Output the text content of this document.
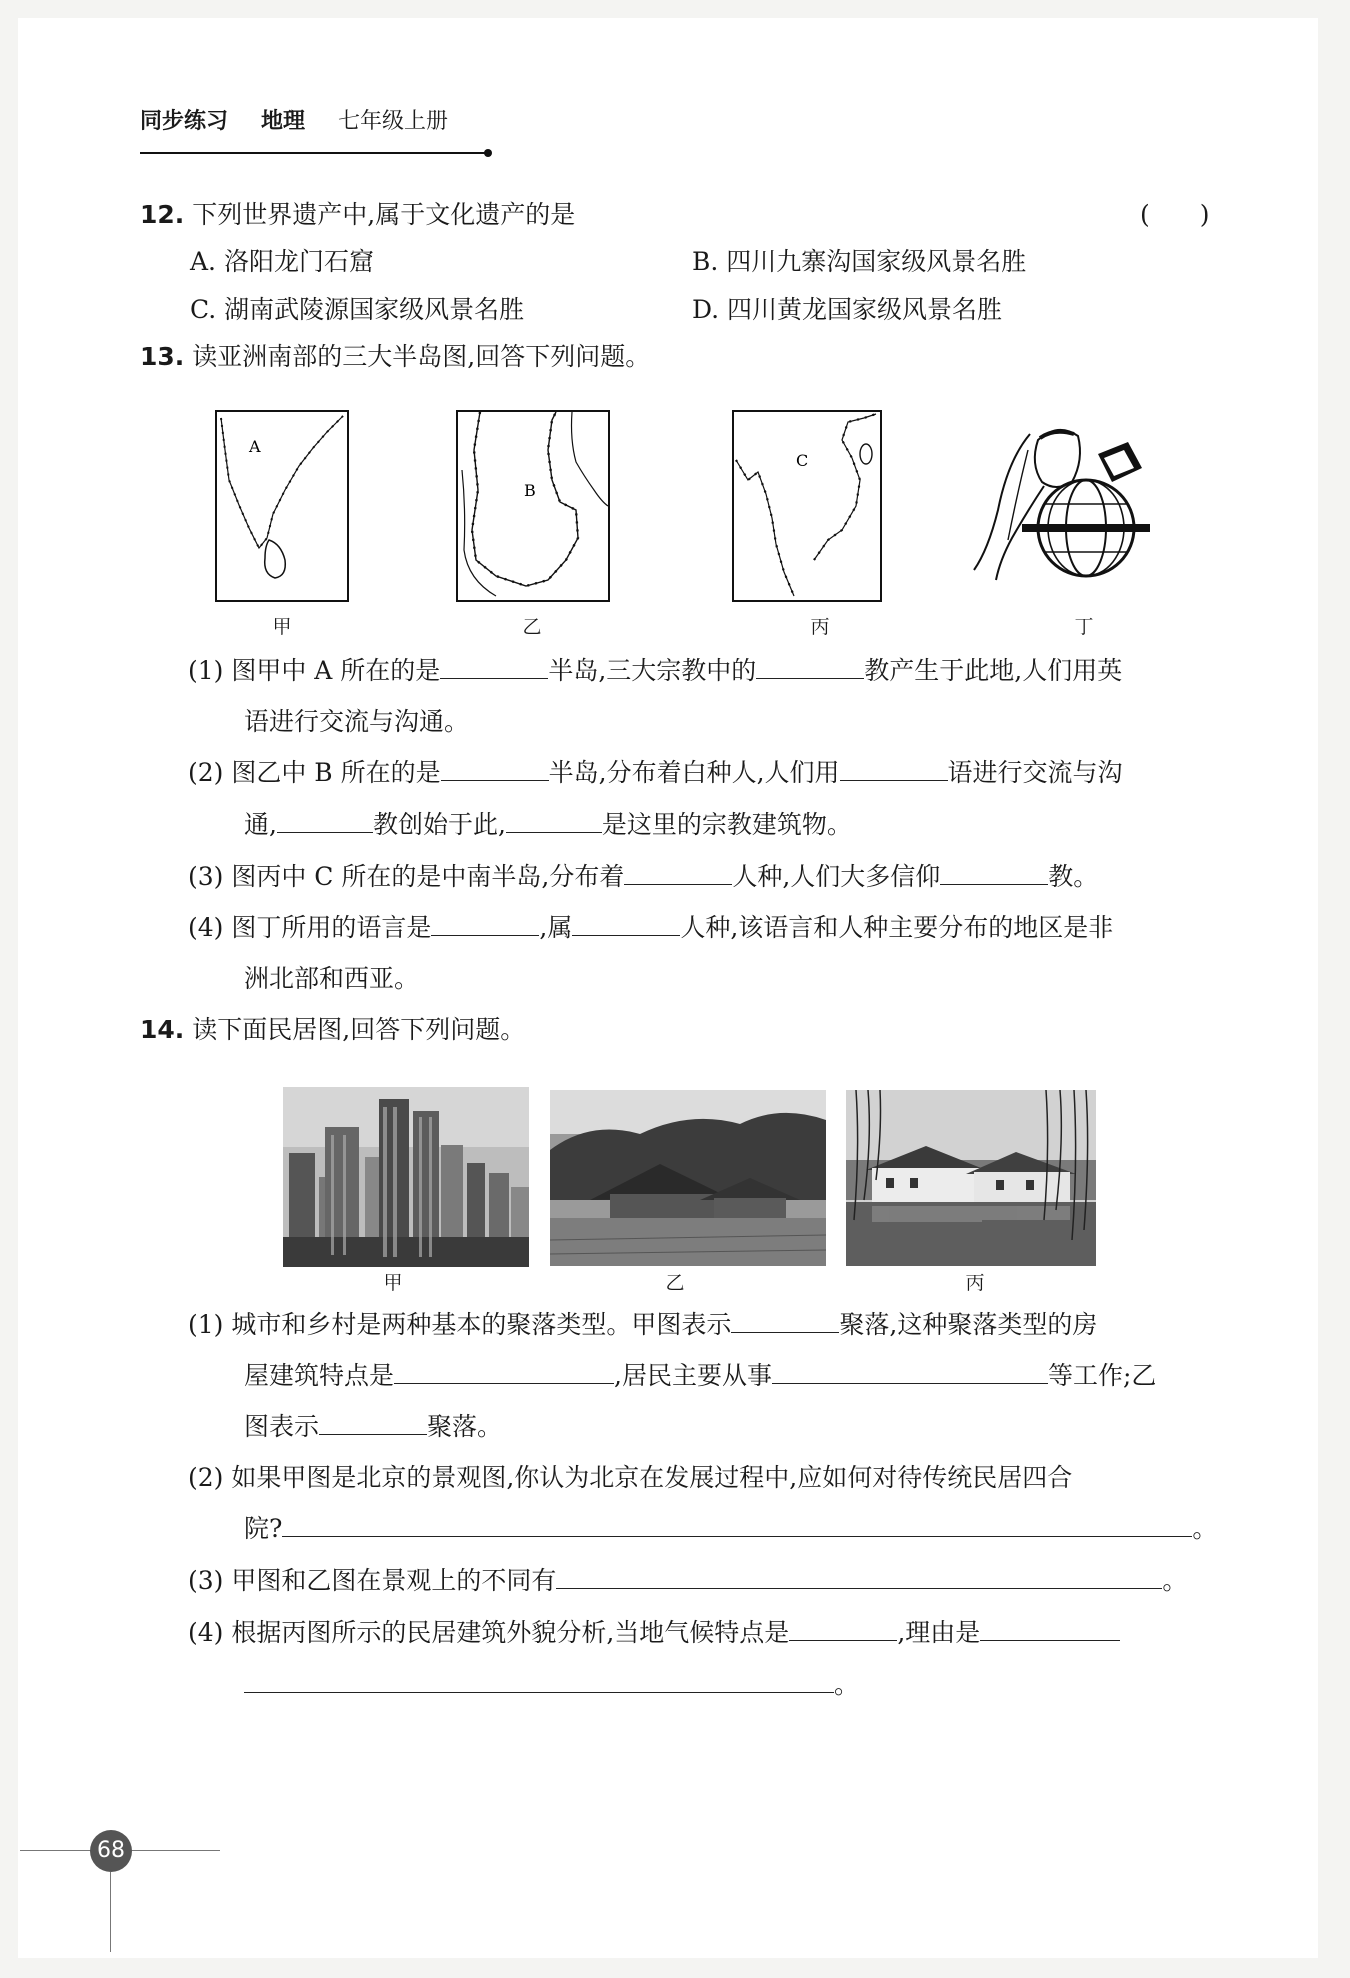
同步练习 地理 七年级上册
12. 下列世界遗产中,属于文化遗产的是	(　　)
A. 洛阳龙门石窟	B. 四川九寨沟国家级风景名胜
C. 湖南武陵源国家级风景名胜	D. 四川黄龙国家级风景名胜
13. 读亚洲南部的三大半岛图,回答下列问题。
A
B
C
甲	乙	丙	丁
(1) 图甲中 A 所在的是	半岛,三大宗教中的	教产生于此地,人们用英
语进行交流与沟通。
(2) 图乙中 B 所在的是	半岛,分布着白种人,人们用	语进行交流与沟
通,	教创始于此,	是这里的宗教建筑物。
(3) 图丙中 C 所在的是中南半岛,分布着	人种,人们大多信仰	教。
(4) 图丁所用的语言是	,属	人种,该语言和人种主要分布的地区是非
洲北部和西亚。
14. 读下面民居图,回答下列问题。
甲	乙	丙
(1) 城市和乡村是两种基本的聚落类型。甲图表示	聚落,这种聚落类型的房
屋建筑特点是	,居民主要从事	等工作;乙
图表示	聚落。
(2) 如果甲图是北京的景观图,你认为北京在发展过程中,应如何对待传统民居四合
院?	。
(3) 甲图和乙图在景观上的不同有	。
(4) 根据丙图所示的民居建筑外貌分析,当地气候特点是	,理由是
。
68
